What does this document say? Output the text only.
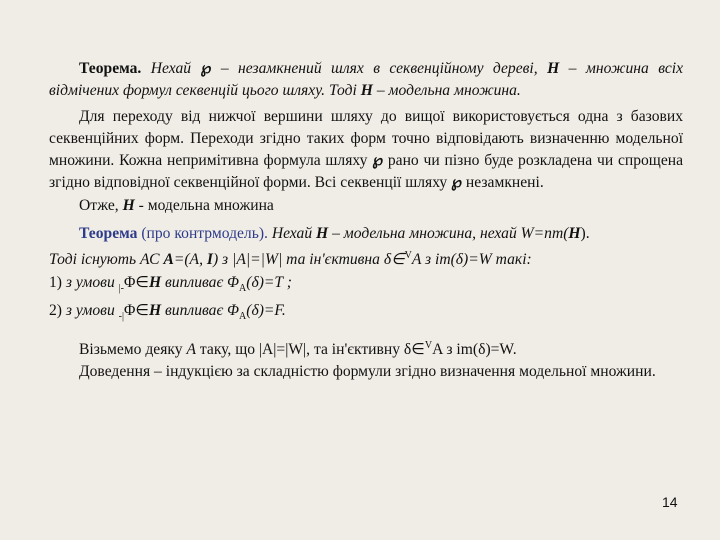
Теорема. Нехай ℘ – незамкнений шлях в секвенційному дереві, H – множина всіх відмічених формул секвенцій цього шляху. Тоді H – модельна множина.

Для переходу від нижчої вершини шляху до вищої використовується одна з базових секвенційних форм. Переходи згідно таких форм точно відповідають визначенню модельної множини. Кожна непримітивна формула шляху ℘ рано чи пізно буде розкладена чи спрощена згідно відповідної секвенційної форми. Всі секвенції шляху ℘ незамкнені.

Отже, H - модельна множина

Теорема (про контрмодель). Нехай H – модельна множина, нехай W=nm(H).
Тоді існують АС A=(A, I) з |A|=|W| та ін'єктивна δ∈$^V$A з im(δ)=W такі:
1) з умови $_{|-}$Φ∈H випливає $\Phi_A(\delta)=T$ ;
2) з умови $_{-|}$Φ∈H випливає $\Phi_A(\delta)=F$.

Візьмемо деяку A таку, що |A|=|W|, та ін'єктивну δ∈$^V$A з im(δ)=W.

Доведення – індукцією за складністю формули згідно визначення модельної множини.

14
